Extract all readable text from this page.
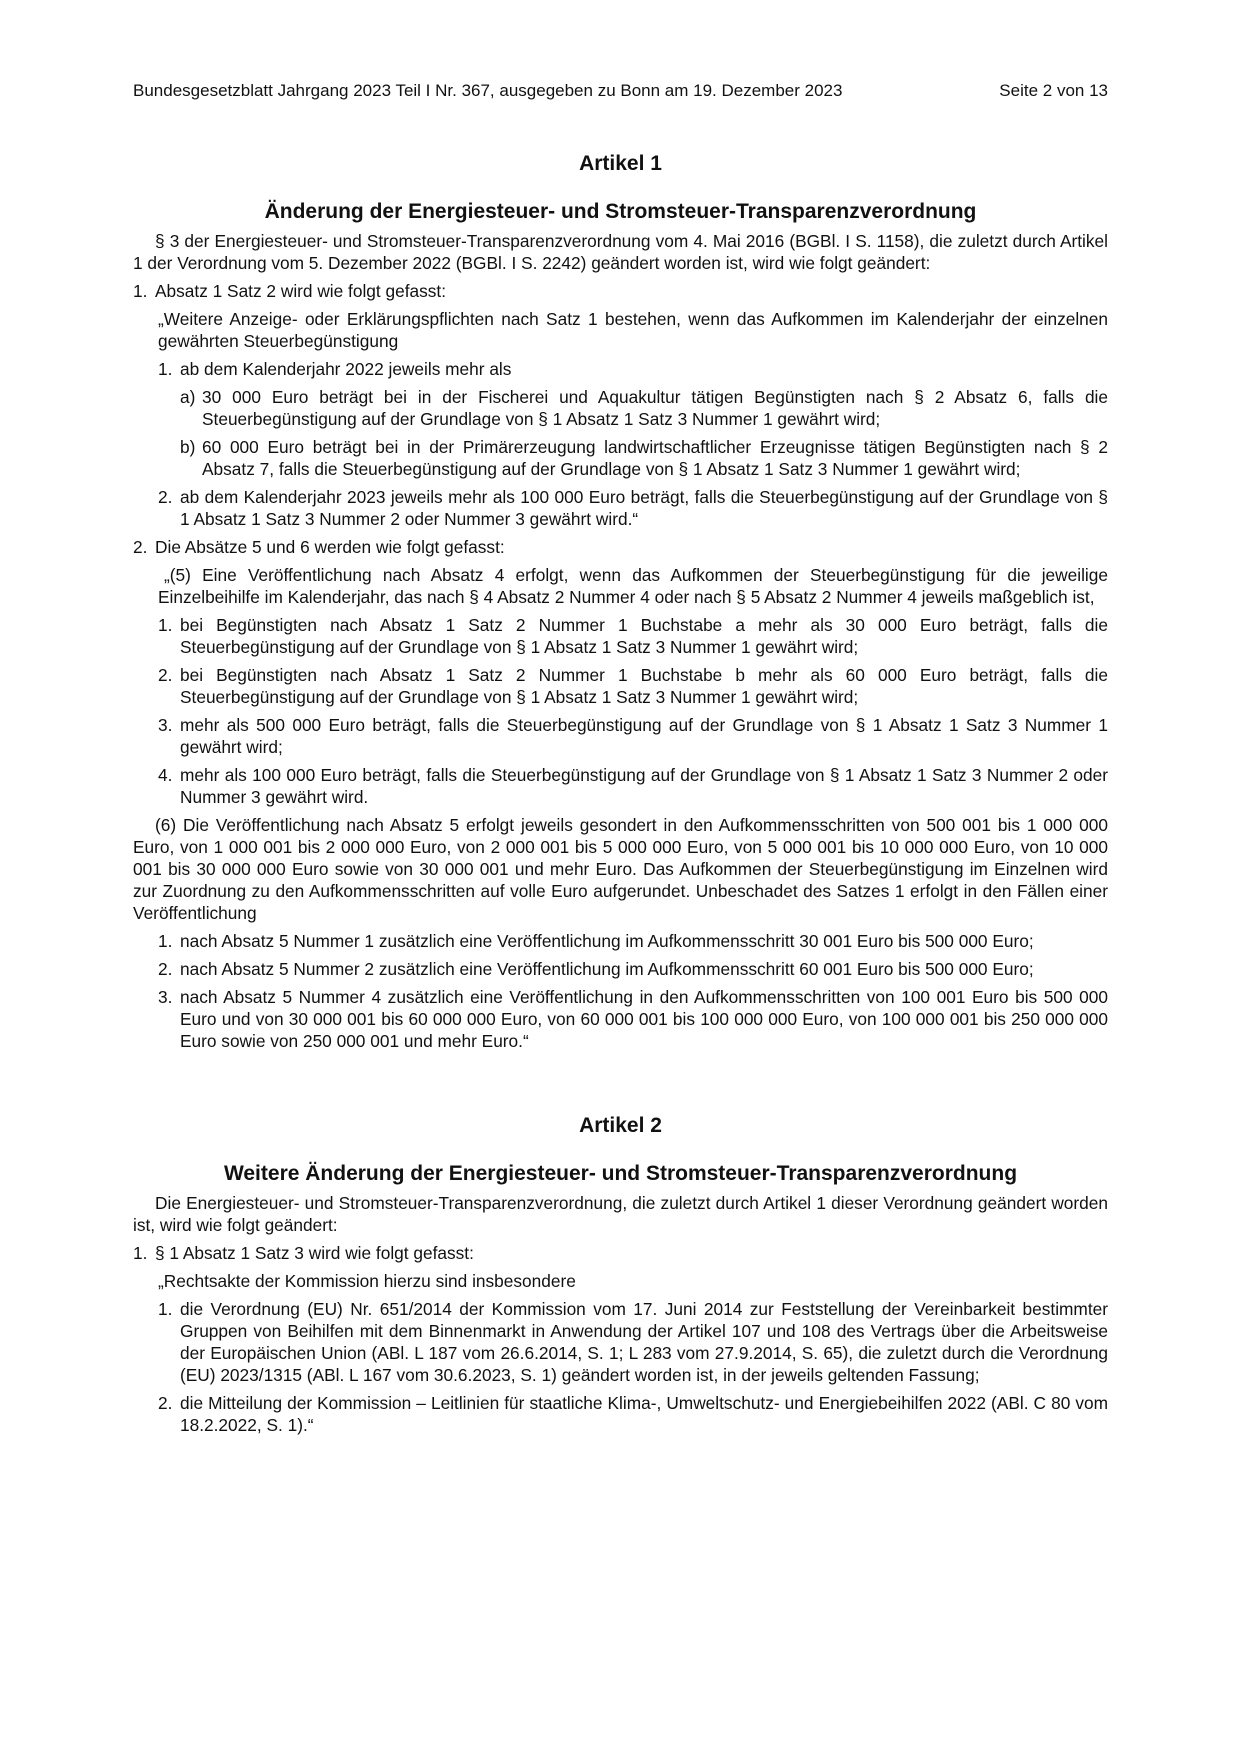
Bundesgesetzblatt Jahrgang 2023 Teil I Nr. 367, ausgegeben zu Bonn am 19. Dezember 2023	Seite 2 von 13
Artikel 1
Änderung der Energiesteuer- und Stromsteuer-Transparenzverordnung
§ 3 der Energiesteuer- und Stromsteuer-Transparenzverordnung vom 4. Mai 2016 (BGBl. I S. 1158), die zuletzt durch Artikel 1 der Verordnung vom 5. Dezember 2022 (BGBl. I S. 2242) geändert worden ist, wird wie folgt geändert:
1. Absatz 1 Satz 2 wird wie folgt gefasst:
„Weitere Anzeige- oder Erklärungspflichten nach Satz 1 bestehen, wenn das Aufkommen im Kalenderjahr der einzelnen gewährten Steuerbegünstigung
1. ab dem Kalenderjahr 2022 jeweils mehr als
a) 30 000 Euro beträgt bei in der Fischerei und Aquakultur tätigen Begünstigten nach § 2 Absatz 6, falls die Steuerbegünstigung auf der Grundlage von § 1 Absatz 1 Satz 3 Nummer 1 gewährt wird;
b) 60 000 Euro beträgt bei in der Primärerzeugung landwirtschaftlicher Erzeugnisse tätigen Begünstigten nach § 2 Absatz 7, falls die Steuerbegünstigung auf der Grundlage von § 1 Absatz 1 Satz 3 Nummer 1 gewährt wird;
2. ab dem Kalenderjahr 2023 jeweils mehr als 100 000 Euro beträgt, falls die Steuerbegünstigung auf der Grundlage von § 1 Absatz 1 Satz 3 Nummer 2 oder Nummer 3 gewährt wird.“
2. Die Absätze 5 und 6 werden wie folgt gefasst:
„(5) Eine Veröffentlichung nach Absatz 4 erfolgt, wenn das Aufkommen der Steuerbegünstigung für die jeweilige Einzelbeihilfe im Kalenderjahr, das nach § 4 Absatz 2 Nummer 4 oder nach § 5 Absatz 2 Nummer 4 jeweils maßgeblich ist,
1. bei Begünstigten nach Absatz 1 Satz 2 Nummer 1 Buchstabe a mehr als 30 000 Euro beträgt, falls die Steuerbegünstigung auf der Grundlage von § 1 Absatz 1 Satz 3 Nummer 1 gewährt wird;
2. bei Begünstigten nach Absatz 1 Satz 2 Nummer 1 Buchstabe b mehr als 60 000 Euro beträgt, falls die Steuerbegünstigung auf der Grundlage von § 1 Absatz 1 Satz 3 Nummer 1 gewährt wird;
3. mehr als 500 000 Euro beträgt, falls die Steuerbegünstigung auf der Grundlage von § 1 Absatz 1 Satz 3 Nummer 1 gewährt wird;
4. mehr als 100 000 Euro beträgt, falls die Steuerbegünstigung auf der Grundlage von § 1 Absatz 1 Satz 3 Nummer 2 oder Nummer 3 gewährt wird.
(6) Die Veröffentlichung nach Absatz 5 erfolgt jeweils gesondert in den Aufkommensschritten von 500 001 bis 1 000 000 Euro, von 1 000 001 bis 2 000 000 Euro, von 2 000 001 bis 5 000 000 Euro, von 5 000 001 bis 10 000 000 Euro, von 10 000 001 bis 30 000 000 Euro sowie von 30 000 001 und mehr Euro. Das Aufkommen der Steuerbegünstigung im Einzelnen wird zur Zuordnung zu den Aufkommensschritten auf volle Euro aufgerundet. Unbeschadet des Satzes 1 erfolgt in den Fällen einer Veröffentlichung
1. nach Absatz 5 Nummer 1 zusätzlich eine Veröffentlichung im Aufkommensschritt 30 001 Euro bis 500 000 Euro;
2. nach Absatz 5 Nummer 2 zusätzlich eine Veröffentlichung im Aufkommensschritt 60 001 Euro bis 500 000 Euro;
3. nach Absatz 5 Nummer 4 zusätzlich eine Veröffentlichung in den Aufkommensschritten von 100 001 Euro bis 500 000 Euro und von 30 000 001 bis 60 000 000 Euro, von 60 000 001 bis 100 000 000 Euro, von 100 000 001 bis 250 000 000 Euro sowie von 250 000 001 und mehr Euro.“
Artikel 2
Weitere Änderung der Energiesteuer- und Stromsteuer-Transparenzverordnung
Die Energiesteuer- und Stromsteuer-Transparenzverordnung, die zuletzt durch Artikel 1 dieser Verordnung geändert worden ist, wird wie folgt geändert:
1. § 1 Absatz 1 Satz 3 wird wie folgt gefasst:
„Rechtsakte der Kommission hierzu sind insbesondere
1. die Verordnung (EU) Nr. 651/2014 der Kommission vom 17. Juni 2014 zur Feststellung der Vereinbarkeit bestimmter Gruppen von Beihilfen mit dem Binnenmarkt in Anwendung der Artikel 107 und 108 des Vertrags über die Arbeitsweise der Europäischen Union (ABl. L 187 vom 26.6.2014, S. 1; L 283 vom 27.9.2014, S. 65), die zuletzt durch die Verordnung (EU) 2023/1315 (ABl. L 167 vom 30.6.2023, S. 1) geändert worden ist, in der jeweils geltenden Fassung;
2. die Mitteilung der Kommission – Leitlinien für staatliche Klima-, Umweltschutz- und Energiebeihilfen 2022 (ABl. C 80 vom 18.2.2022, S. 1).“
